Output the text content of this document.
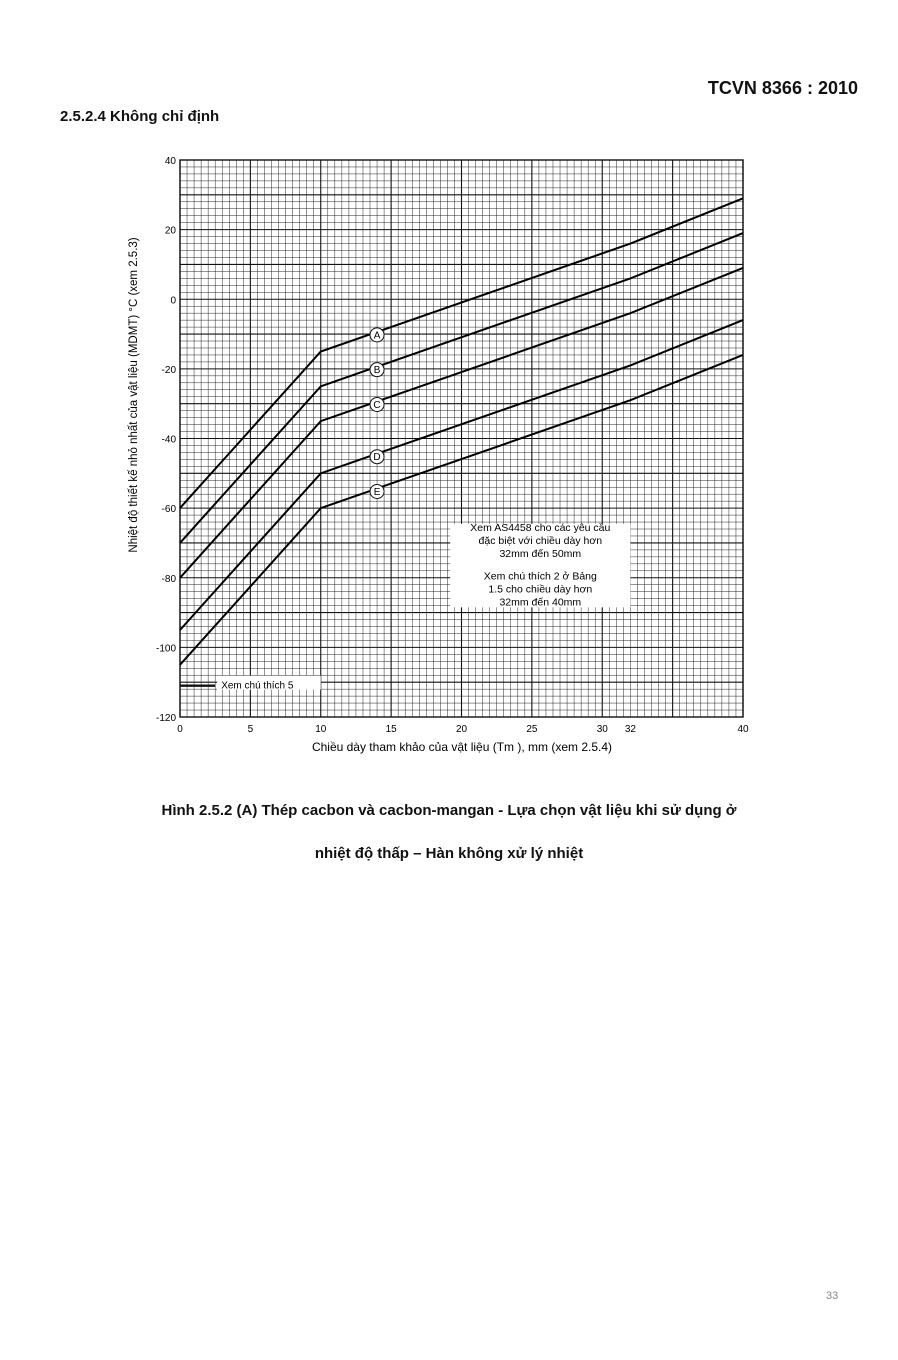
TCVN 8366 : 2010
2.5.2.4 Không chỉ định
Xem AS4458 cho các yêu cầu
đặc biệt với chiều dày hơn
32mm đến 50mm
Xem chú thích 2 ở Bảng
1.5 cho chiều dày hơn
32mm đến 40mm
Xem chú thích 5
A
B
C
D
E
0	5	10	15	20	25	30 32	40
40
20
0
-20
-40
-60
-80
-100
-120
Chiều dày tham khảo của vật liệu (Tm ), mm (xem 2.5.4)
Nhiệt độ thiết kế nhỏ nhất của vật liệu (MDMT) °C (xem 2.5.3)
Hình 2.5.2 (A) Thép cacbon và cacbon-mangan - Lựa chọn vật liệu khi sử dụng ở
nhiệt độ thấp – Hàn không xử lý nhiệt
33
